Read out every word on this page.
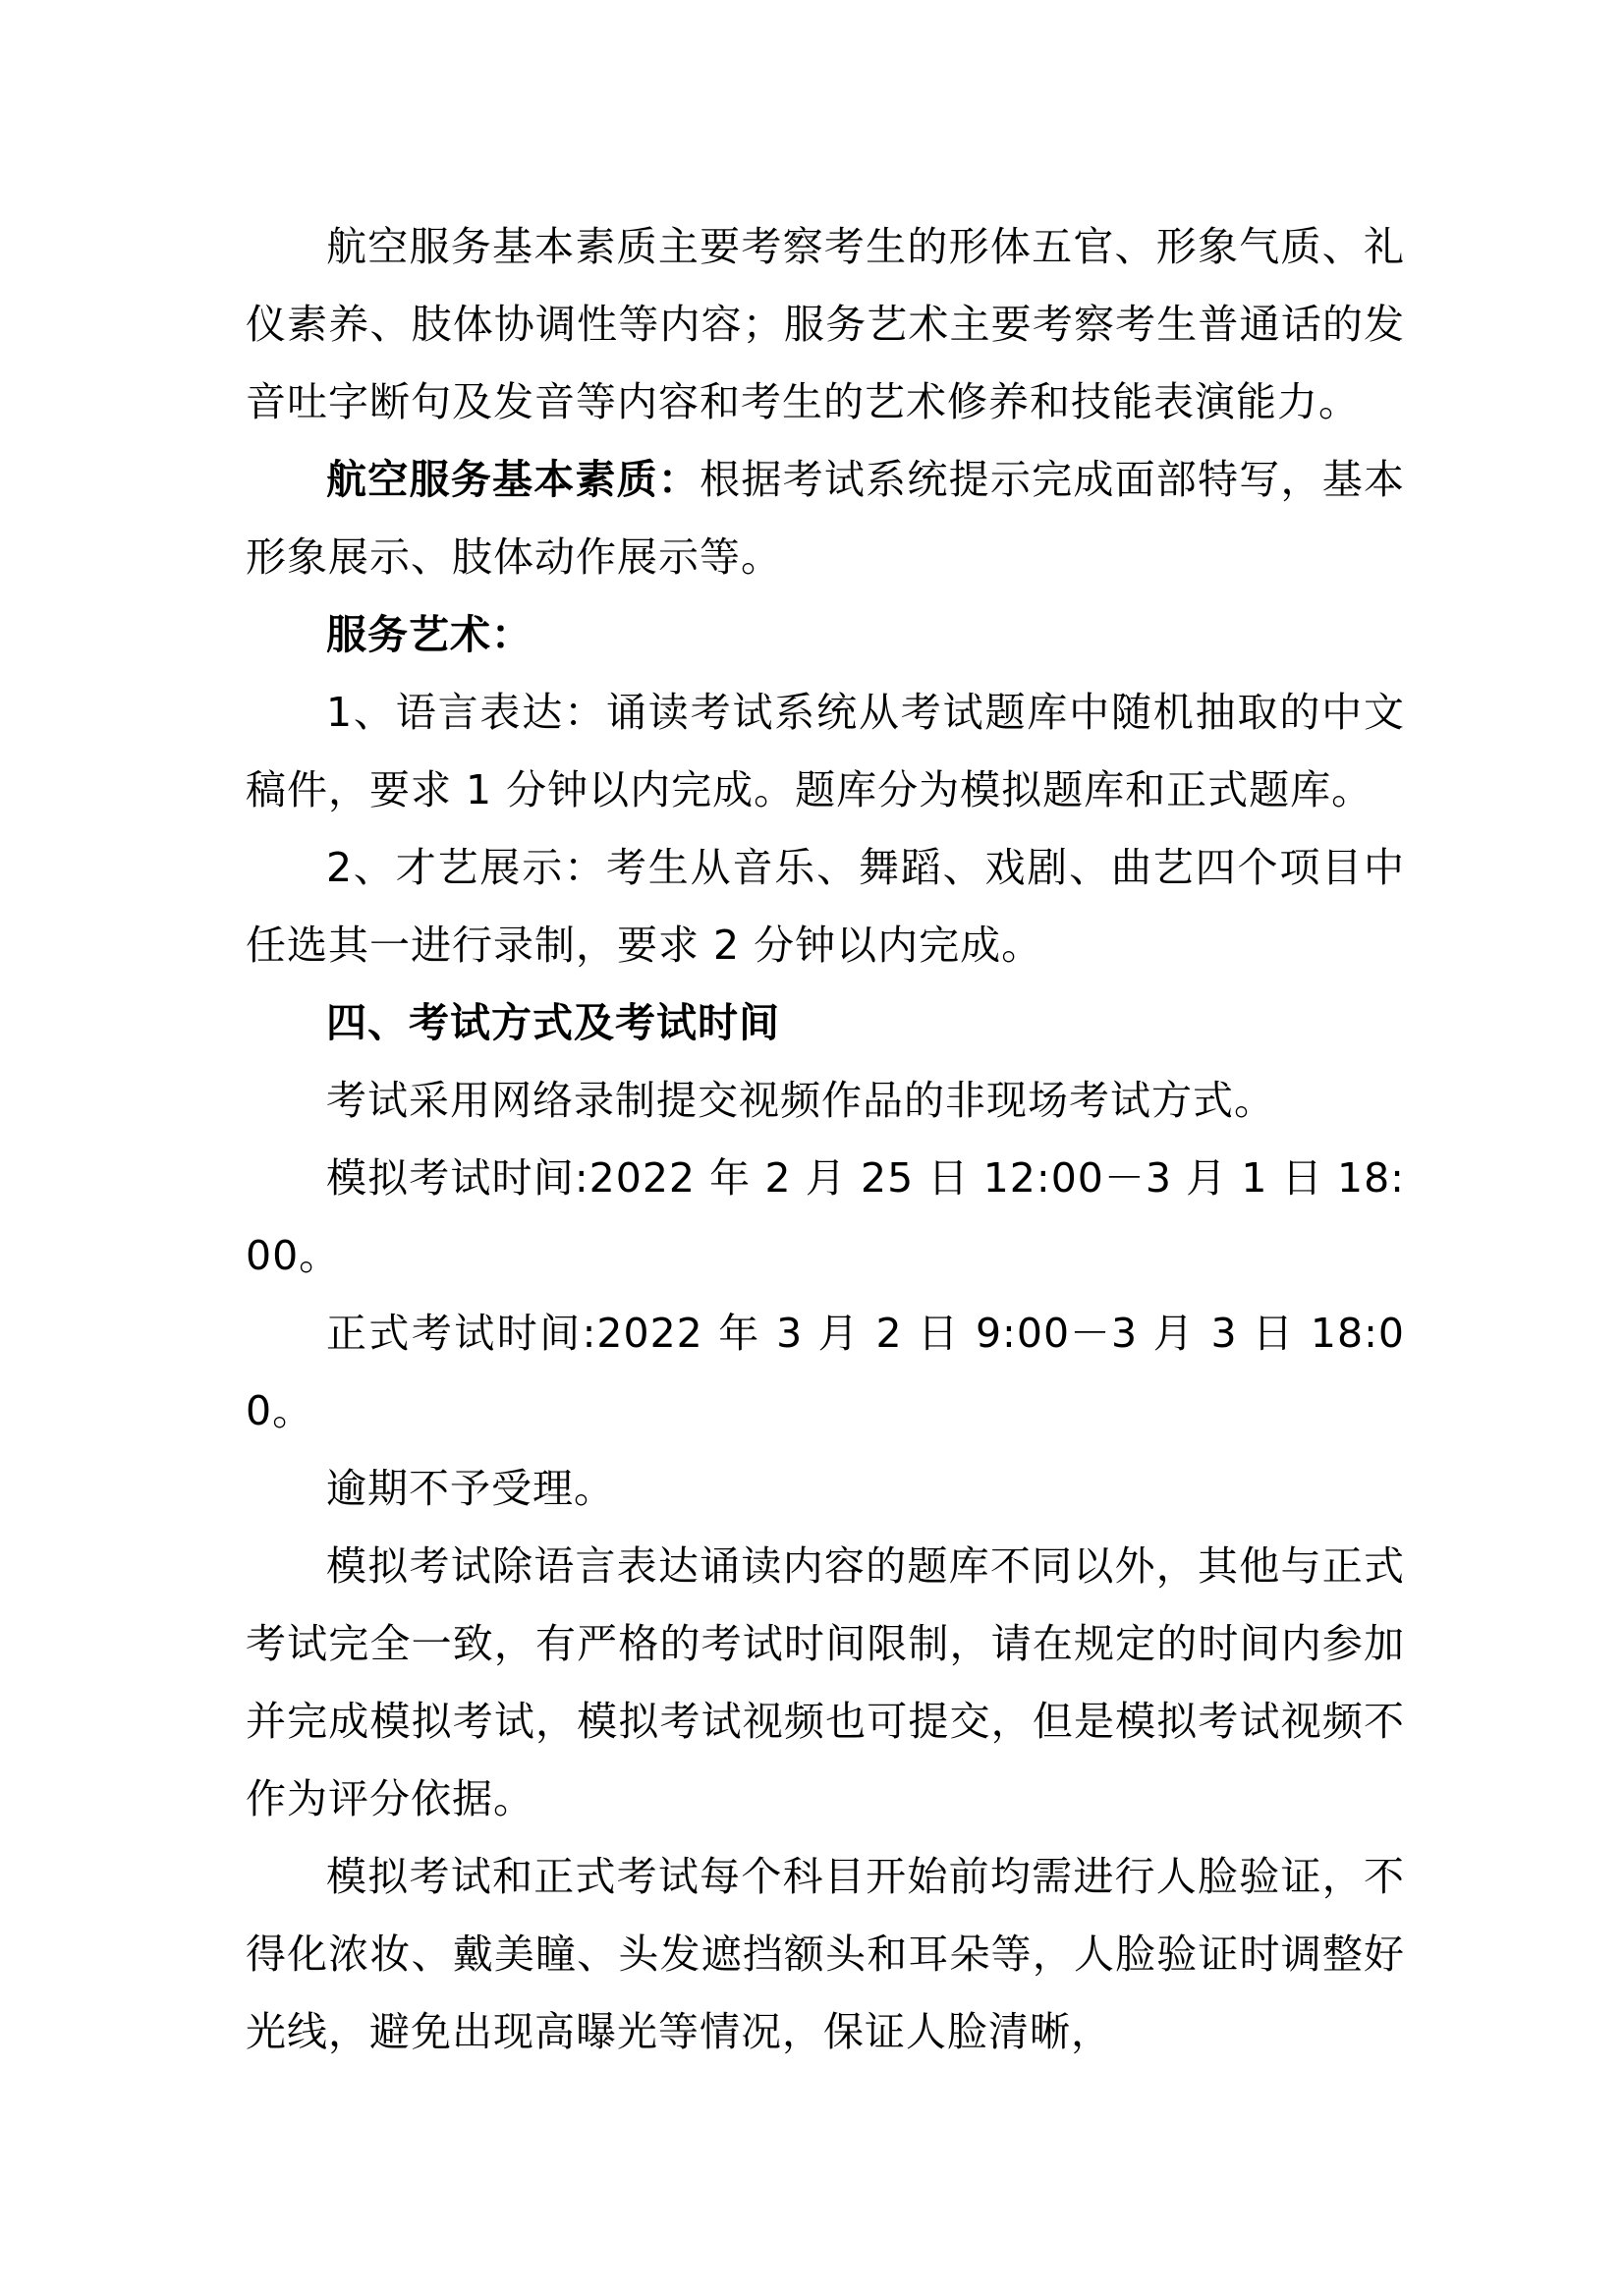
航空服务基本素质主要考察考生的形体五官、形象气质、礼仪素养、肢体协调性等内容；服务艺术主要考察考生普通话的发音吐字断句及发音等内容和考生的艺术修养和技能表演能力。

航空服务基本素质：根据考试系统提示完成面部特写，基本形象展示、肢体动作展示等。

服务艺术：

1、语言表达：诵读考试系统从考试题库中随机抽取的中文稿件，要求 1 分钟以内完成。题库分为模拟题库和正式题库。

2、才艺展示：考生从音乐、舞蹈、戏剧、曲艺四个项目中任选其一进行录制，要求 2 分钟以内完成。

四、考试方式及考试时间

考试采用网络录制提交视频作品的非现场考试方式。

模拟考试时间:2022 年 2 月 25 日 12:00－3 月 1 日 18:00。

正式考试时间:2022 年 3 月 2 日 9:00－3 月 3 日 18:00。

逾期不予受理。

模拟考试除语言表达诵读内容的题库不同以外，其他与正式考试完全一致，有严格的考试时间限制，请在规定的时间内参加并完成模拟考试，模拟考试视频也可提交，但是模拟考试视频不作为评分依据。

模拟考试和正式考试每个科目开始前均需进行人脸验证，不得化浓妆、戴美瞳、头发遮挡额头和耳朵等，人脸验证时调整好光线，避免出现高曝光等情况，保证人脸清晰，
